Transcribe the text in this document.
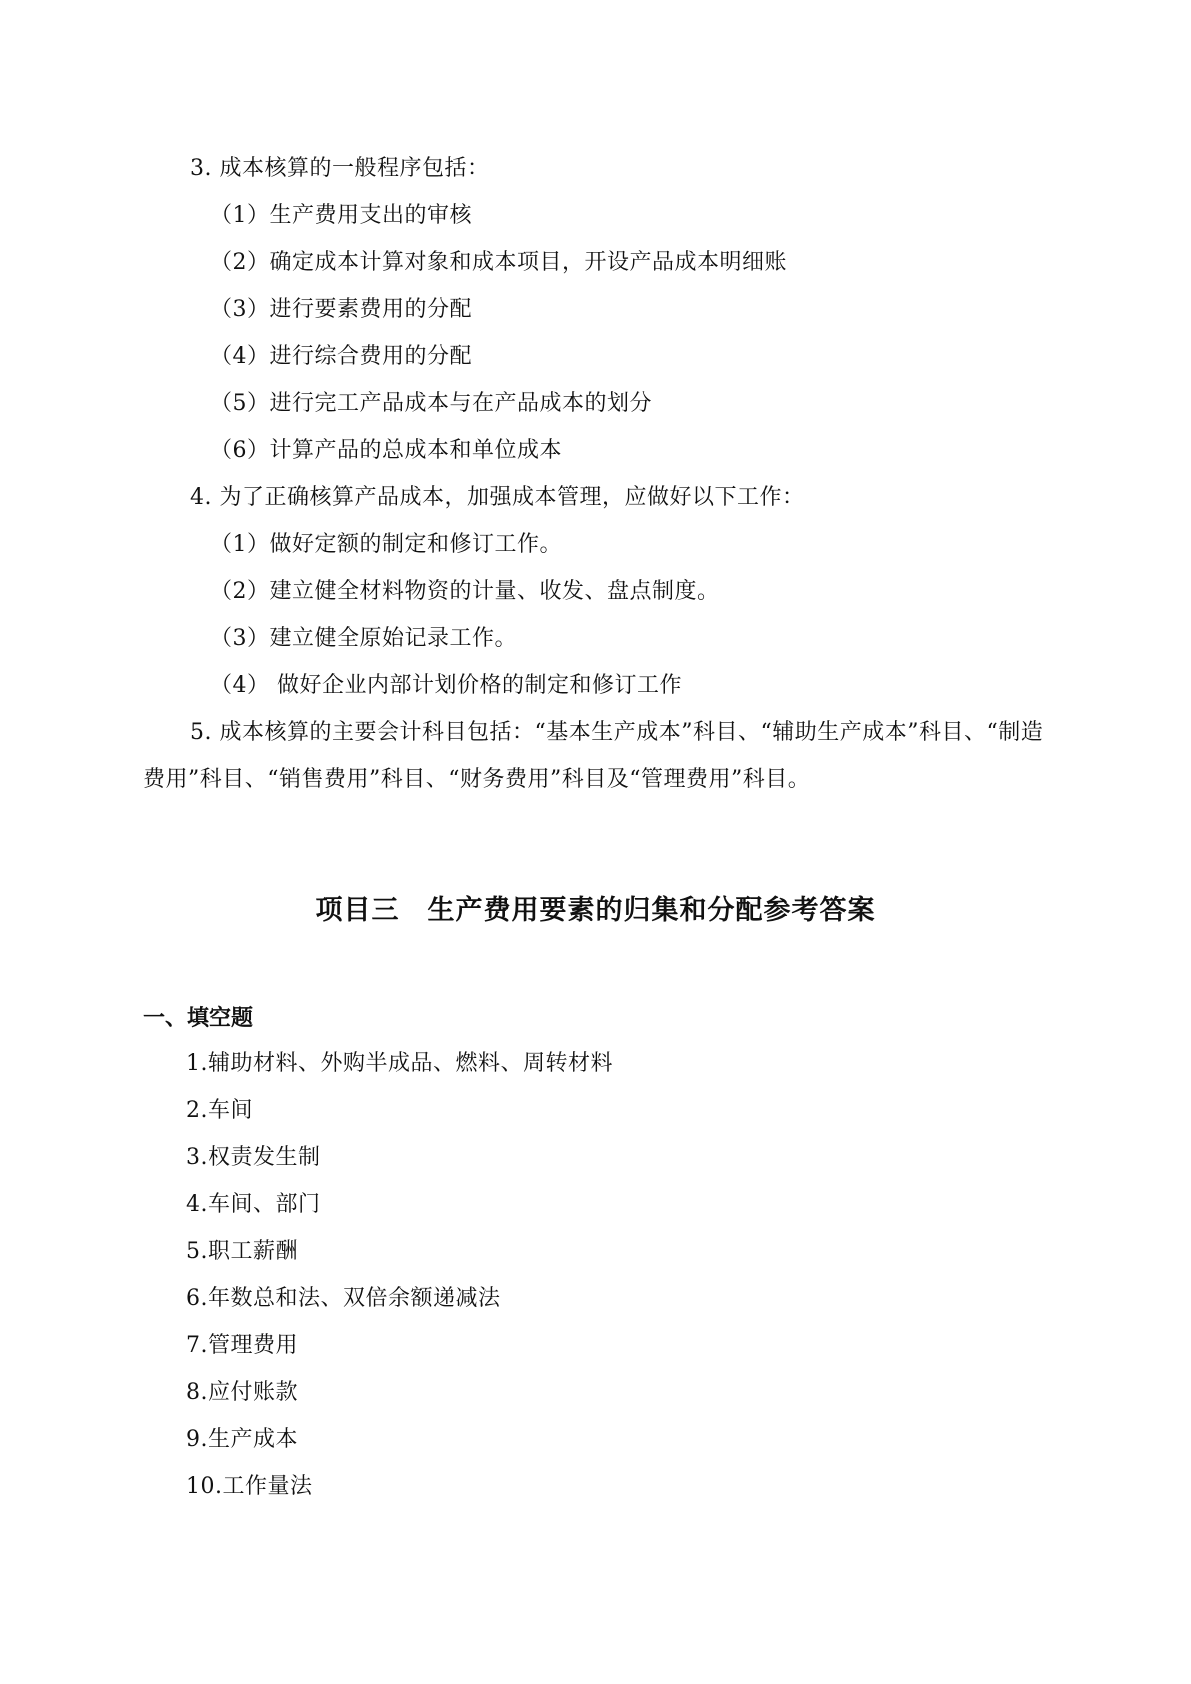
3. 成本核算的一般程序包括：
（1）生产费用支出的审核
（2）确定成本计算对象和成本项目，开设产品成本明细账
（3）进行要素费用的分配
（4）进行综合费用的分配
（5）进行完工产品成本与在产品成本的划分
（6）计算产品的总成本和单位成本
4. 为了正确核算产品成本，加强成本管理，应做好以下工作：
（1）做好定额的制定和修订工作。
（2）建立健全材料物资的计量、收发、盘点制度。
（3）建立健全原始记录工作。
（4） 做好企业内部计划价格的制定和修订工作
5. 成本核算的主要会计科目包括：“基本生产成本”科目、“辅助生产成本”科目、“制造
费用”科目、“销售费用”科目、“财务费用”科目及“管理费用”科目。
项目三　生产费用要素的归集和分配参考答案
一、填空题
1.辅助材料、外购半成品、燃料、周转材料
2.车间
3.权责发生制
4.车间、部门
5.职工薪酬
6.年数总和法、双倍余额递减法
7.管理费用
8.应付账款
9.生产成本
10.工作量法
